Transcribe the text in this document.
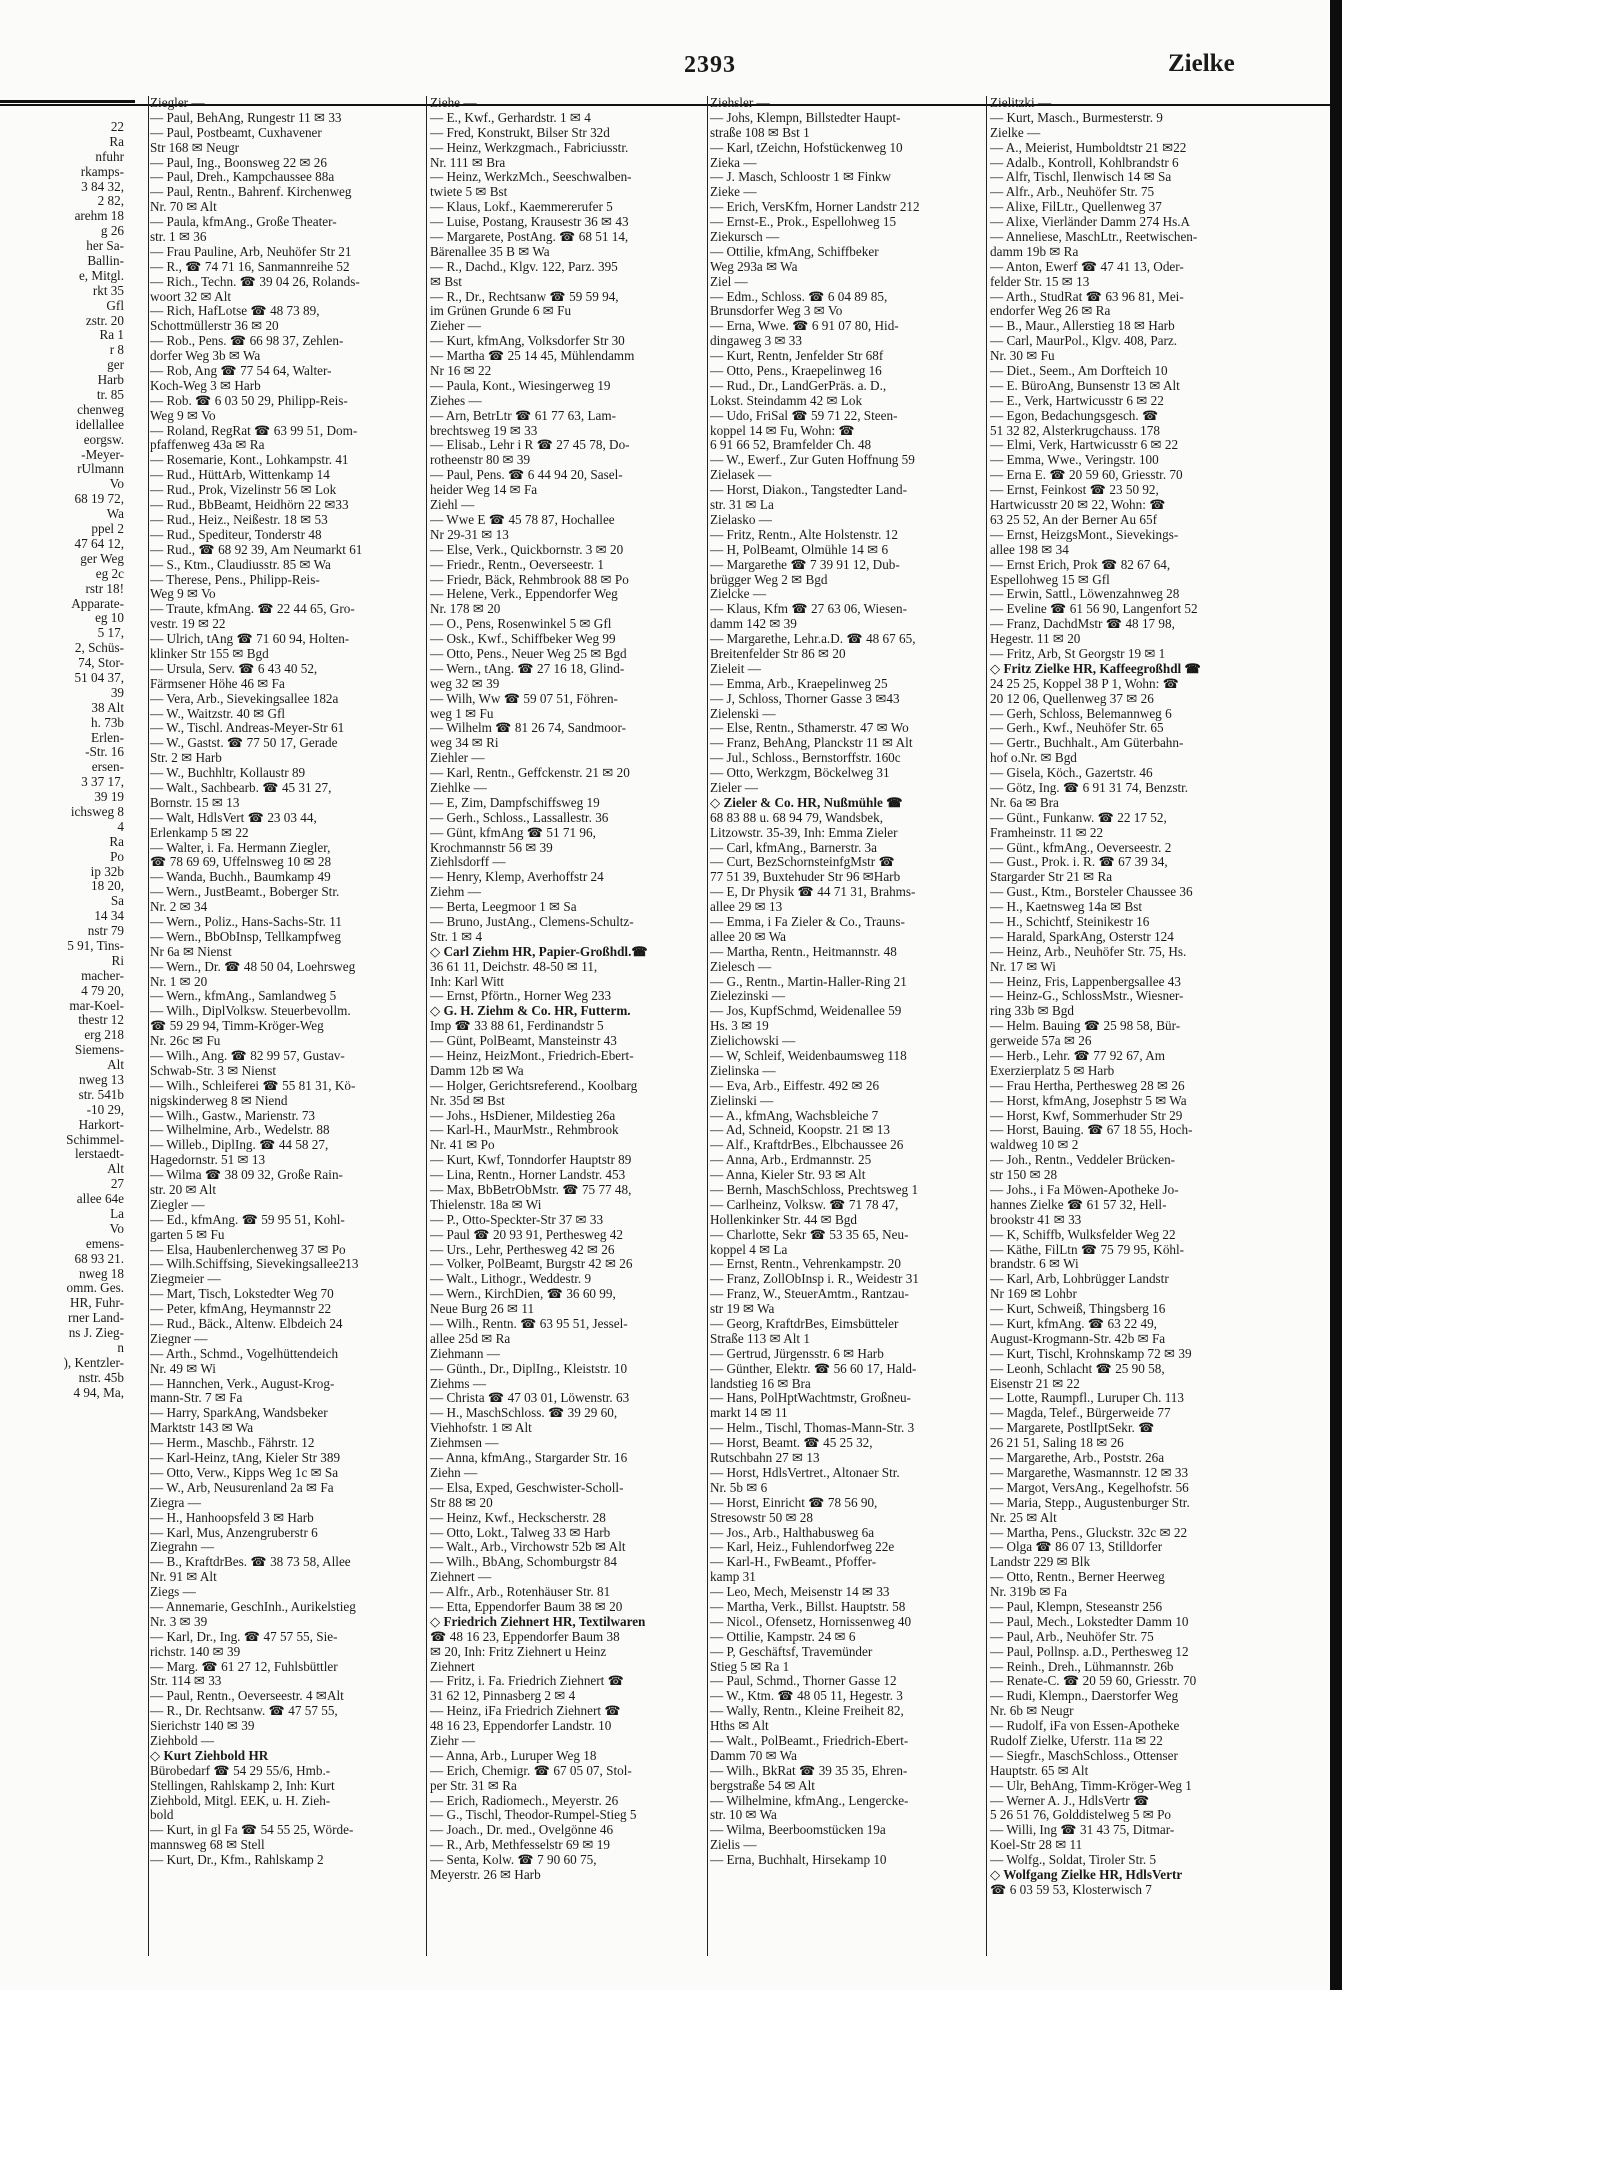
2393	Zielke
22
Ra
nfuhr
rkamps-
3 84 32,
2 82,
arehm 18
g 26
her Sa-
Ballin-
e, Mitgl.
rkt 35
Gfl
zstr. 20
Ra 1
r 8
ger
Harb
tr. 85
chenweg
idellallee
eorgsw.
-Meyer-
rUlmann
Vo
68 19 72,
Wa
ppel 2
47 64 12,
ger Weg
eg 2c
rstr 18!
Apparate-
eg 10
5 17,
2, Schüs-
74, Stor-
51 04 37,
39
38 Alt
h. 73b
Erlen-
-Str. 16
ersen-
3 37 17,
39 19
ichsweg 8
4
Ra
Po
ip 32b
18 20,
Sa
14 34
nstr 79
5 91, Tins-
Ri
macher-
4 79 20,
mar-Koel-
thestr 12
erg 218
Siemens-
Alt
nweg 13
str. 541b
-10 29,
Harkort-
Schimmel-
lerstaedt-
Alt
27
allee 64e
La
Vo
emens-
68 93 21.
nweg 18
omm. Ges.
HR, Fuhr-
rner Land-
ns J. Zieg-
n
), Kentzler-
nstr. 45b
4 94, Ma,
Ziegler —
— Paul, BehAng, Rungestr 11 ✉ 33
— Paul, Postbeamt, Cuxhavener
Str 168 ✉ Neugr
— Paul, Ing., Boonsweg 22 ✉ 26
— Paul, Dreh., Kampchaussee 88a
— Paul, Rentn., Bahrenf. Kirchenweg
Nr. 70 ✉ Alt
— Paula, kfmAng., Große Theater-
str. 1 ✉ 36
— Frau Pauline, Arb, Neuhöfer Str 21
— R., ☎ 74 71 16, Sanmannreihe 52
— Rich., Techn. ☎ 39 04 26, Rolands-
woort 32 ✉ Alt
— Rich, HafLotse ☎ 48 73 89,
Schottmüllerstr 36 ✉ 20
— Rob., Pens. ☎ 66 98 37, Zehlen-
dorfer Weg 3b ✉ Wa
— Rob, Ang ☎ 77 54 64, Walter-
Koch-Weg 3 ✉ Harb
— Rob. ☎ 6 03 50 29, Philipp-Reis-
Weg 9 ✉ Vo
— Roland, RegRat ☎ 63 99 51, Dom-
pfaffenweg 43a ✉ Ra
— Rosemarie, Kont., Lohkampstr. 41
— Rud., HüttArb, Wittenkamp 14
— Rud., Prok, Vizelinstr 56 ✉ Lok
— Rud., BbBeamt, Heidhörn 22 ✉33
— Rud., Heiz., Neißestr. 18 ✉ 53
— Rud., Spediteur, Tonderstr 48
— Rud., ☎ 68 92 39, Am Neumarkt 61
— S., Ktm., Claudiusstr. 85 ✉ Wa
— Therese, Pens., Philipp-Reis-
Weg 9 ✉ Vo
— Traute, kfmAng. ☎ 22 44 65, Gro-
vestr. 19 ✉ 22
— Ulrich, tAng ☎ 71 60 94, Holten-
klinker Str 155 ✉ Bgd
— Ursula, Serv. ☎ 6 43 40 52,
Färmsener Höhe 46 ✉ Fa
— Vera, Arb., Sievekingsallee 182a
— W., Waitzstr. 40 ✉ Gfl
— W., Tischl. Andreas-Meyer-Str 61
— W., Gastst. ☎ 77 50 17, Gerade
Str. 2 ✉ Harb
— W., Buchhltr, Kollaustr 89
— Walt., Sachbearb. ☎ 45 31 27,
Bornstr. 15 ✉ 13
— Walt, HdlsVert ☎ 23 03 44,
Erlenkamp 5 ✉ 22
— Walter, i. Fa. Hermann Ziegler,
☎ 78 69 69, Uffelnsweg 10 ✉ 28
— Wanda, Buchh., Baumkamp 49
— Wern., JustBeamt., Boberger Str.
Nr. 2 ✉ 34
— Wern., Poliz., Hans-Sachs-Str. 11
— Wern., BbObInsp, Tellkampfweg
Nr 6a ✉ Nienst
— Wern., Dr. ☎ 48 50 04, Loehrsweg
Nr. 1 ✉ 20
— Wern., kfmAng., Samlandweg 5
— Wilh., DiplVolksw. Steuerbevollm.
☎ 59 29 94, Timm-Kröger-Weg
Nr. 26c ✉ Fu
— Wilh., Ang. ☎ 82 99 57, Gustav-
Schwab-Str. 3 ✉ Nienst
— Wilh., Schleiferei ☎ 55 81 31, Kö-
nigskinderweg 8 ✉ Niend
— Wilh., Gastw., Marienstr. 73
— Wilhelmine, Arb., Wedelstr. 88
— Willeb., DiplIng. ☎ 44 58 27,
Hagedornstr. 51 ✉ 13
— Wilma ☎ 38 09 32, Große Rain-
str. 20 ✉ Alt
Ziegler —
— Ed., kfmAng. ☎ 59 95 51, Kohl-
garten 5 ✉ Fu
— Elsa, Haubenlerchenweg 37 ✉ Po
— Wilh.Schiffsing, Sievekingsallee213
Ziegmeier —
— Mart, Tisch, Lokstedter Weg 70
— Peter, kfmAng, Heymannstr 22
— Rud., Bäck., Altenw. Elbdeich 24
Ziegner —
— Arth., Schmd., Vogelhüttendeich
Nr. 49 ✉ Wi
— Hannchen, Verk., August-Krog-
mann-Str. 7 ✉ Fa
— Harry, SparkAng, Wandsbeker
Marktstr 143 ✉ Wa
— Herm., Maschb., Fährstr. 12
— Karl-Heinz, tAng, Kieler Str 389
— Otto, Verw., Kipps Weg 1c ✉ Sa
— W., Arb, Neusurenland 2a ✉ Fa
Ziegra —
— H., Hanhoopsfeld 3 ✉ Harb
— Karl, Mus, Anzengruberstr 6
Ziegrahn —
— B., KraftdrBes. ☎ 38 73 58, Allee
Nr. 91 ✉ Alt
Ziegs —
— Annemarie, GeschInh., Aurikelstieg
Nr. 3 ✉ 39
— Karl, Dr., Ing. ☎ 47 57 55, Sie-
richstr. 140 ✉ 39
— Marg. ☎ 61 27 12, Fuhlsbüttler
Str. 114 ✉ 33
— Paul, Rentn., Oeverseestr. 4 ✉Alt
— R., Dr. Rechtsanw. ☎ 47 57 55,
Sierichstr 140 ✉ 39
Ziehbold —
◇ Kurt Ziehbold HR
Bürobedarf ☎ 54 29 55/6, Hmb.-
Stellingen, Rahlskamp 2, Inh: Kurt
Ziehbold, Mitgl. EEK, u. H. Zieh-
bold
— Kurt, in gl Fa ☎ 54 55 25, Wörde-
mannsweg 68 ✉ Stell
— Kurt, Dr., Kfm., Rahlskamp 2
Ziehe —
— E., Kwf., Gerhardstr. 1 ✉ 4
— Fred, Konstrukt, Bilser Str 32d
— Heinz, Werkzgmach., Fabriciusstr.
Nr. 111 ✉ Bra
— Heinz, WerkzMch., Seeschwalben-
twiete 5 ✉ Bst
— Klaus, Lokf., Kaemmererufer 5
— Luise, Postang, Krausestr 36 ✉ 43
— Margarete, PostAng. ☎ 68 51 14,
Bärenallee 35 B ✉ Wa
— R., Dachd., Klgv. 122, Parz. 395
✉ Bst
— R., Dr., Rechtsanw ☎ 59 59 94,
im Grünen Grunde 6 ✉ Fu
Zieher —
— Kurt, kfmAng, Volksdorfer Str 30
— Martha ☎ 25 14 45, Mühlendamm
Nr 16 ✉ 22
— Paula, Kont., Wiesingerweg 19
Ziehes —
— Arn, BetrLtr ☎ 61 77 63, Lam-
brechtsweg 19 ✉ 33
— Elisab., Lehr i R ☎ 27 45 78, Do-
rotheenstr 80 ✉ 39
— Paul, Pens. ☎ 6 44 94 20, Sasel-
heider Weg 14 ✉ Fa
Ziehl —
— Wwe E ☎ 45 78 87, Hochallee
Nr 29-31 ✉ 13
— Else, Verk., Quickbornstr. 3 ✉ 20
— Friedr., Rentn., Oeverseestr. 1
— Friedr, Bäck, Rehmbrook 88 ✉ Po
— Helene, Verk., Eppendorfer Weg
Nr. 178 ✉ 20
— O., Pens, Rosenwinkel 5 ✉ Gfl
— Osk., Kwf., Schiffbeker Weg 99
— Otto, Pens., Neuer Weg 25 ✉ Bgd
— Wern., tAng. ☎ 27 16 18, Glind-
weg 32 ✉ 39
— Wilh, Ww ☎ 59 07 51, Föhren-
weg 1 ✉ Fu
— Wilhelm ☎ 81 26 74, Sandmoor-
weg 34 ✉ Ri
Ziehler —
— Karl, Rentn., Geffckenstr. 21 ✉ 20
Ziehlke —
— E, Zim, Dampfschiffsweg 19
— Gerh., Schloss., Lassallestr. 36
— Günt, kfmAng ☎ 51 71 96,
Krochmannstr 56 ✉ 39
Ziehlsdorff —
— Henry, Klemp, Averhoffstr 24
Ziehm —
— Berta, Leegmoor 1 ✉ Sa
— Bruno, JustAng., Clemens-Schultz-
Str. 1 ✉ 4
◇ Carl Ziehm HR, Papier-Großhdl.☎
36 61 11, Deichstr. 48-50 ✉ 11,
Inh: Karl Witt
— Ernst, Pförtn., Horner Weg 233
◇ G. H. Ziehm & Co. HR, Futterm.
Imp ☎ 33 88 61, Ferdinandstr 5
— Günt, PolBeamt, Mansteinstr 43
— Heinz, HeizMont., Friedrich-Ebert-
Damm 12b ✉ Wa
— Holger, Gerichtsreferend., Koolbarg
Nr. 35d ✉ Bst
— Johs., HsDiener, Mildestieg 26a
— Karl-H., MaurMstr., Rehmbrook
Nr. 41 ✉ Po
— Kurt, Kwf, Tonndorfer Hauptstr 89
— Lina, Rentn., Horner Landstr. 453
— Max, BbBetrObMstr. ☎ 75 77 48,
Thielenstr. 18a ✉ Wi
— P., Otto-Speckter-Str 37 ✉ 33
— Paul ☎ 20 93 91, Perthesweg 42
— Urs., Lehr, Perthesweg 42 ✉ 26
— Volker, PolBeamt, Burgstr 42 ✉ 26
— Walt., Lithogr., Weddestr. 9
— Wern., KirchDien, ☎ 36 60 99,
Neue Burg 26 ✉ 11
— Wilh., Rentn. ☎ 63 95 51, Jessel-
allee 25d ✉ Ra
Ziehmann —
— Günth., Dr., DiplIng., Kleiststr. 10
Ziehms —
— Christa ☎ 47 03 01, Löwenstr. 63
— H., MaschSchloss. ☎ 39 29 60,
Viehhofstr. 1 ✉ Alt
Ziehmsen —
— Anna, kfmAng., Stargarder Str. 16
Ziehn —
— Elsa, Exped, Geschwister-Scholl-
Str 88 ✉ 20
— Heinz, Kwf., Heckscherstr. 28
— Otto, Lokt., Talweg 33 ✉ Harb
— Walt., Arb., Virchowstr 52b ✉ Alt
— Wilh., BbAng, Schomburgstr 84
Ziehnert —
— Alfr., Arb., Rotenhäuser Str. 81
— Etta, Eppendorfer Baum 38 ✉ 20
◇ Friedrich Ziehnert HR, Textilwaren
☎ 48 16 23, Eppendorfer Baum 38
✉ 20, Inh: Fritz Ziehnert u Heinz
Ziehnert
— Fritz, i. Fa. Friedrich Ziehnert ☎
31 62 12, Pinnasberg 2 ✉ 4
— Heinz, iFa Friedrich Ziehnert ☎
48 16 23, Eppendorfer Landstr. 10
Ziehr —
— Anna, Arb., Luruper Weg 18
— Erich, Chemigr. ☎ 67 05 07, Stol-
per Str. 31 ✉ Ra
— Erich, Radiomech., Meyerstr. 26
— G., Tischl, Theodor-Rumpel-Stieg 5
— Joach., Dr. med., Ovelgönne 46
— R., Arb, Methfesselstr 69 ✉ 19
— Senta, Kolw. ☎ 7 90 60 75,
Meyerstr. 26 ✉ Harb
Ziehsler —
— Johs, Klempn, Billstedter Haupt-
straße 108 ✉ Bst 1
— Karl, tZeichn, Hofstückenweg 10
Zieka —
— J. Masch, Schloostr 1 ✉ Finkw
Zieke —
— Erich, VersKfm, Horner Landstr 212
— Ernst-E., Prok., Espellohweg 15
Ziekursch —
— Ottilie, kfmAng, Schiffbeker
Weg 293a ✉ Wa
Ziel —
— Edm., Schloss. ☎ 6 04 89 85,
Brunsdorfer Weg 3 ✉ Vo
— Erna, Wwe. ☎ 6 91 07 80, Hid-
dingaweg 3 ✉ 33
— Kurt, Rentn, Jenfelder Str 68f
— Otto, Pens., Kraepelinweg 16
— Rud., Dr., LandGerPräs. a. D.,
Lokst. Steindamm 42 ✉ Lok
— Udo, FriSal ☎ 59 71 22, Steen-
koppel 14 ✉ Fu, Wohn: ☎
6 91 66 52, Bramfelder Ch. 48
— W., Ewerf., Zur Guten Hoffnung 59
Zielasek —
— Horst, Diakon., Tangstedter Land-
str. 31 ✉ La
Zielasko —
— Fritz, Rentn., Alte Holstenstr. 12
— H, PolBeamt, Olmühle 14 ✉ 6
— Margarethe ☎ 7 39 91 12, Dub-
brügger Weg 2 ✉ Bgd
Zielcke —
— Klaus, Kfm ☎ 27 63 06, Wiesen-
damm 142 ✉ 39
— Margarethe, Lehr.a.D. ☎ 48 67 65,
Breitenfelder Str 86 ✉ 20
Zieleit —
— Emma, Arb., Kraepelinweg 25
— J, Schloss, Thorner Gasse 3 ✉43
Zielenski —
— Else, Rentn., Sthamerstr. 47 ✉ Wo
— Franz, BehAng, Planckstr 11 ✉ Alt
— Jul., Schloss., Bernstorffstr. 160c
— Otto, Werkzgm, Böckelweg 31
Zieler —
◇ Zieler & Co. HR, Nußmühle ☎
68 83 88 u. 68 94 79, Wandsbek,
Litzowstr. 35-39, Inh: Emma Zieler
— Carl, kfmAng., Barnerstr. 3a
— Curt, BezSchornsteinfgMstr ☎
77 51 39, Buxtehuder Str 96 ✉Harb
— E, Dr Physik ☎ 44 71 31, Brahms-
allee 29 ✉ 13
— Emma, i Fa Zieler & Co., Trauns-
allee 20 ✉ Wa
— Martha, Rentn., Heitmannstr. 48
Zielesch —
— G., Rentn., Martin-Haller-Ring 21
Zielezinski —
— Jos, KupfSchmd, Weidenallee 59
Hs. 3 ✉ 19
Zielichowski —
— W, Schleif, Weidenbaumsweg 118
Zielinska —
— Eva, Arb., Eiffestr. 492 ✉ 26
Zielinski —
— A., kfmAng, Wachsbleiche 7
— Ad, Schneid, Koopstr. 21 ✉ 13
— Alf., KraftdrBes., Elbchaussee 26
— Anna, Arb., Erdmannstr. 25
— Anna, Kieler Str. 93 ✉ Alt
— Bernh, MaschSchloss, Prechtsweg 1
— Carlheinz, Volksw. ☎ 71 78 47,
Hollenkinker Str. 44 ✉ Bgd
— Charlotte, Sekr ☎ 53 35 65, Neu-
koppel 4 ✉ La
— Ernst, Rentn., Vehrenkampstr. 20
— Franz, ZollObInsp i. R., Weidestr 31
— Franz, W., SteuerAmtm., Rantzau-
str 19 ✉ Wa
— Georg, KraftdrBes, Eimsbütteler
Straße 113 ✉ Alt 1
— Gertrud, Jürgensstr. 6 ✉ Harb
— Günther, Elektr. ☎ 56 60 17, Hald-
landstieg 16 ✉ Bra
— Hans, PolHptWachtmstr, Großneu-
markt 14 ✉ 11
— Helm., Tischl, Thomas-Mann-Str. 3
— Horst, Beamt. ☎ 45 25 32,
Rutschbahn 27 ✉ 13
— Horst, HdlsVertret., Altonaer Str.
Nr. 5b ✉ 6
— Horst, Einricht ☎ 78 56 90,
Stresowstr 50 ✉ 28
— Jos., Arb., Halthabusweg 6a
— Karl, Heiz., Fuhlendorfweg 22e
— Karl-H., FwBeamt., Pfoffer-
kamp 31
— Leo, Mech, Meisenstr 14 ✉ 33
— Martha, Verk., Billst. Hauptstr. 58
— Nicol., Ofensetz, Hornissenweg 40
— Ottilie, Kampstr. 24 ✉ 6
— P, Geschäftsf, Travemünder
Stieg 5 ✉ Ra 1
— Paul, Schmd., Thorner Gasse 12
— W., Ktm. ☎ 48 05 11, Hegestr. 3
— Wally, Rentn., Kleine Freiheit 82,
Hths ✉ Alt
— Walt., PolBeamt., Friedrich-Ebert-
Damm 70 ✉ Wa
— Wilh., BkRat ☎ 39 35 35, Ehren-
bergstraße 54 ✉ Alt
— Wilhelmine, kfmAng., Lengercke-
str. 10 ✉ Wa
— Wilma, Beerboomstücken 19a
Zielis —
— Erna, Buchhalt, Hirsekamp 10
Zielitzki —
— Kurt, Masch., Burmesterstr. 9
Zielke —
— A., Meierist, Humboldtstr 21 ✉22
— Adalb., Kontroll, Kohlbrandstr 6
— Alfr, Tischl, Ilenwisch 14 ✉ Sa
— Alfr., Arb., Neuhöfer Str. 75
— Alixe, FilLtr., Quellenweg 37
— Alixe, Vierländer Damm 274 Hs.A
— Anneliese, MaschLtr., Reetwischen-
damm 19b ✉ Ra
— Anton, Ewerf ☎ 47 41 13, Oder-
felder Str. 15 ✉ 13
— Arth., StudRat ☎ 63 96 81, Mei-
endorfer Weg 26 ✉ Ra
— B., Maur., Allerstieg 18 ✉ Harb
— Carl, MaurPol., Klgv. 408, Parz.
Nr. 30 ✉ Fu
— Diet., Seem., Am Dorfteich 10
— E. BüroAng, Bunsenstr 13 ✉ Alt
— E., Verk, Hartwicusstr 6 ✉ 22
— Egon, Bedachungsgesch. ☎
51 32 82, Alsterkrugchauss. 178
— Elmi, Verk, Hartwicusstr 6 ✉ 22
— Emma, Wwe., Veringstr. 100
— Erna E. ☎ 20 59 60, Griesstr. 70
— Ernst, Feinkost ☎ 23 50 92,
Hartwicusstr 20 ✉ 22, Wohn: ☎
63 25 52, An der Berner Au 65f
— Ernst, HeizgsMont., Sievekings-
allee 198 ✉ 34
— Ernst Erich, Prok ☎ 82 67 64,
Espellohweg 15 ✉ Gfl
— Erwin, Sattl., Löwenzahnweg 28
— Eveline ☎ 61 56 90, Langenfort 52
— Franz, DachdMstr ☎ 48 17 98,
Hegestr. 11 ✉ 20
— Fritz, Arb, St Georgstr 19 ✉ 1
◇ Fritz Zielke HR, Kaffeegroßhdl ☎
24 25 25, Koppel 38 P 1, Wohn: ☎
20 12 06, Quellenweg 37 ✉ 26
— Gerh, Schloss, Belemannweg 6
— Gerh., Kwf., Neuhöfer Str. 65
— Gertr., Buchhalt., Am Güterbahn-
hof o.Nr. ✉ Bgd
— Gisela, Köch., Gazertstr. 46
— Götz, Ing. ☎ 6 91 31 74, Benzstr.
Nr. 6a ✉ Bra
— Günt., Funkanw. ☎ 22 17 52,
Framheinstr. 11 ✉ 22
— Günt., kfmAng., Oeverseestr. 2
— Gust., Prok. i. R. ☎ 67 39 34,
Stargarder Str 21 ✉ Ra
— Gust., Ktm., Borsteler Chaussee 36
— H., Kaetnsweg 14a ✉ Bst
— H., Schichtf, Steinikestr 16
— Harald, SparkAng, Osterstr 124
— Heinz, Arb., Neuhöfer Str. 75, Hs.
Nr. 17 ✉ Wi
— Heinz, Fris, Lappenbergsallee 43
— Heinz-G., SchlossMstr., Wiesner-
ring 33b ✉ Bgd
— Helm. Bauing ☎ 25 98 58, Bür-
gerweide 57a ✉ 26
— Herb., Lehr. ☎ 77 92 67, Am
Exerzierplatz 5 ✉ Harb
— Frau Hertha, Perthesweg 28 ✉ 26
— Horst, kfmAng, Josephstr 5 ✉ Wa
— Horst, Kwf, Sommerhuder Str 29
— Horst, Bauing. ☎ 67 18 55, Hoch-
waldweg 10 ✉ 2
— Joh., Rentn., Veddeler Brücken-
str 150 ✉ 28
— Johs., i Fa Möwen-Apotheke Jo-
hannes Zielke ☎ 61 57 32, Hell-
brookstr 41 ✉ 33
— K, Schiffb, Wulksfelder Weg 22
— Käthe, FilLtn ☎ 75 79 95, Köhl-
brandstr. 6 ✉ Wi
— Karl, Arb, Lohbrügger Landstr
Nr 169 ✉ Lohbr
— Kurt, Schweiß, Thingsberg 16
— Kurt, kfmAng. ☎ 63 22 49,
August-Krogmann-Str. 42b ✉ Fa
— Kurt, Tischl, Krohnskamp 72 ✉ 39
— Leonh, Schlacht ☎ 25 90 58,
Eisenstr 21 ✉ 22
— Lotte, Raumpfl., Luruper Ch. 113
— Magda, Telef., Bürgerweide 77
— Margarete, PostlIptSekr. ☎
26 21 51, Saling 18 ✉ 26
— Margarethe, Arb., Poststr. 26a
— Margarethe, Wasmannstr. 12 ✉ 33
— Margot, VersAng., Kegelhofstr. 56
— Maria, Stepp., Augustenburger Str.
Nr. 25 ✉ Alt
— Martha, Pens., Gluckstr. 32c ✉ 22
— Olga ☎ 86 07 13, Stilldorfer
Landstr 229 ✉ Blk
— Otto, Rentn., Berner Heerweg
Nr. 319b ✉ Fa
— Paul, Klempn, Steseanstr 256
— Paul, Mech., Lokstedter Damm 10
— Paul, Arb., Neuhöfer Str. 75
— Paul, Pollnsp. a.D., Perthesweg 12
— Reinh., Dreh., Lühmannstr. 26b
— Renate-C. ☎ 20 59 60, Griesstr. 70
— Rudi, Klempn., Daerstorfer Weg
Nr. 6b ✉ Neugr
— Rudolf, iFa von Essen-Apotheke
Rudolf Zielke, Uferstr. 11a ✉ 22
— Siegfr., MaschSchloss., Ottenser
Hauptstr. 65 ✉ Alt
— Ulr, BehAng, Timm-Kröger-Weg 1
— Werner A. J., HdlsVertr ☎
5 26 51 76, Golddistelweg 5 ✉ Po
— Willi, Ing ☎ 31 43 75, Ditmar-
Koel-Str 28 ✉ 11
— Wolfg., Soldat, Tiroler Str. 5
◇ Wolfgang Zielke HR, HdlsVertr
☎ 6 03 59 53, Klosterwisch 7
